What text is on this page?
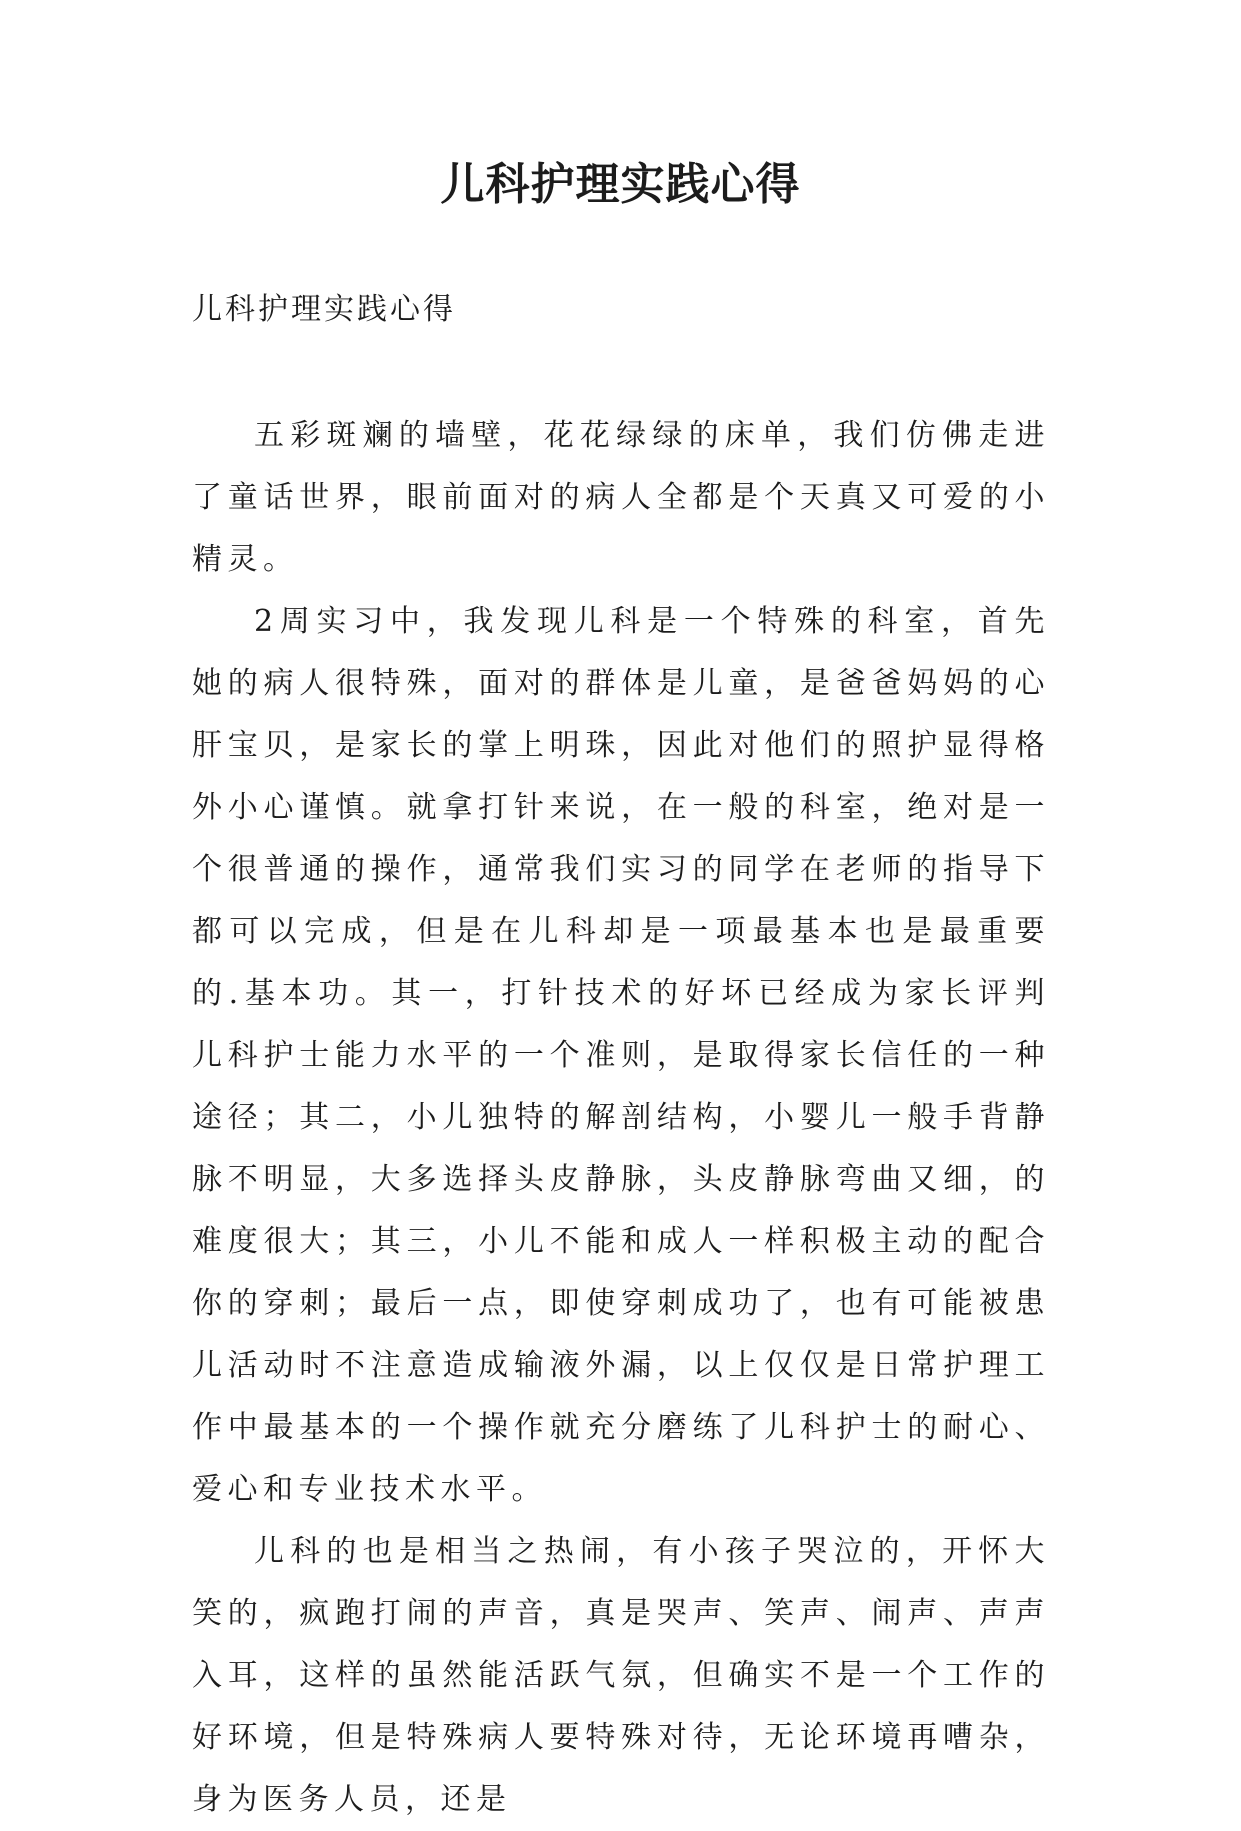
儿科护理实践心得

儿科护理实践心得

五彩斑斓的墙壁，花花绿绿的床单，我们仿佛走进了童话世界，眼前面对的病人全都是个天真又可爱的小精灵。

2周实习中，我发现儿科是一个特殊的科室，首先她的病人很特殊，面对的群体是儿童，是爸爸妈妈的心肝宝贝，是家长的掌上明珠，因此对他们的照护显得格外小心谨慎。就拿打针来说，在一般的科室，绝对是一个很普通的操作，通常我们实习的同学在老师的指导下都可以完成，但是在儿科却是一项最基本也是最重要的.基本功。其一，打针技术的好坏已经成为家长评判儿科护士能力水平的一个准则，是取得家长信任的一种途径；其二，小儿独特的解剖结构，小婴儿一般手背静脉不明显，大多选择头皮静脉，头皮静脉弯曲又细，的难度很大；其三，小儿不能和成人一样积极主动的配合你的穿刺；最后一点，即使穿刺成功了，也有可能被患儿活动时不注意造成输液外漏，以上仅仅是日常护理工作中最基本的一个操作就充分磨练了儿科护士的耐心、爱心和专业技术水平。

儿科的也是相当之热闹，有小孩子哭泣的，开怀大笑的，疯跑打闹的声音，真是哭声、笑声、闹声、声声入耳，这样的虽然能活跃气氛，但确实不是一个工作的好环境，但是特殊病人要特殊对待，无论环境再嘈杂，身为医务人员，还是
